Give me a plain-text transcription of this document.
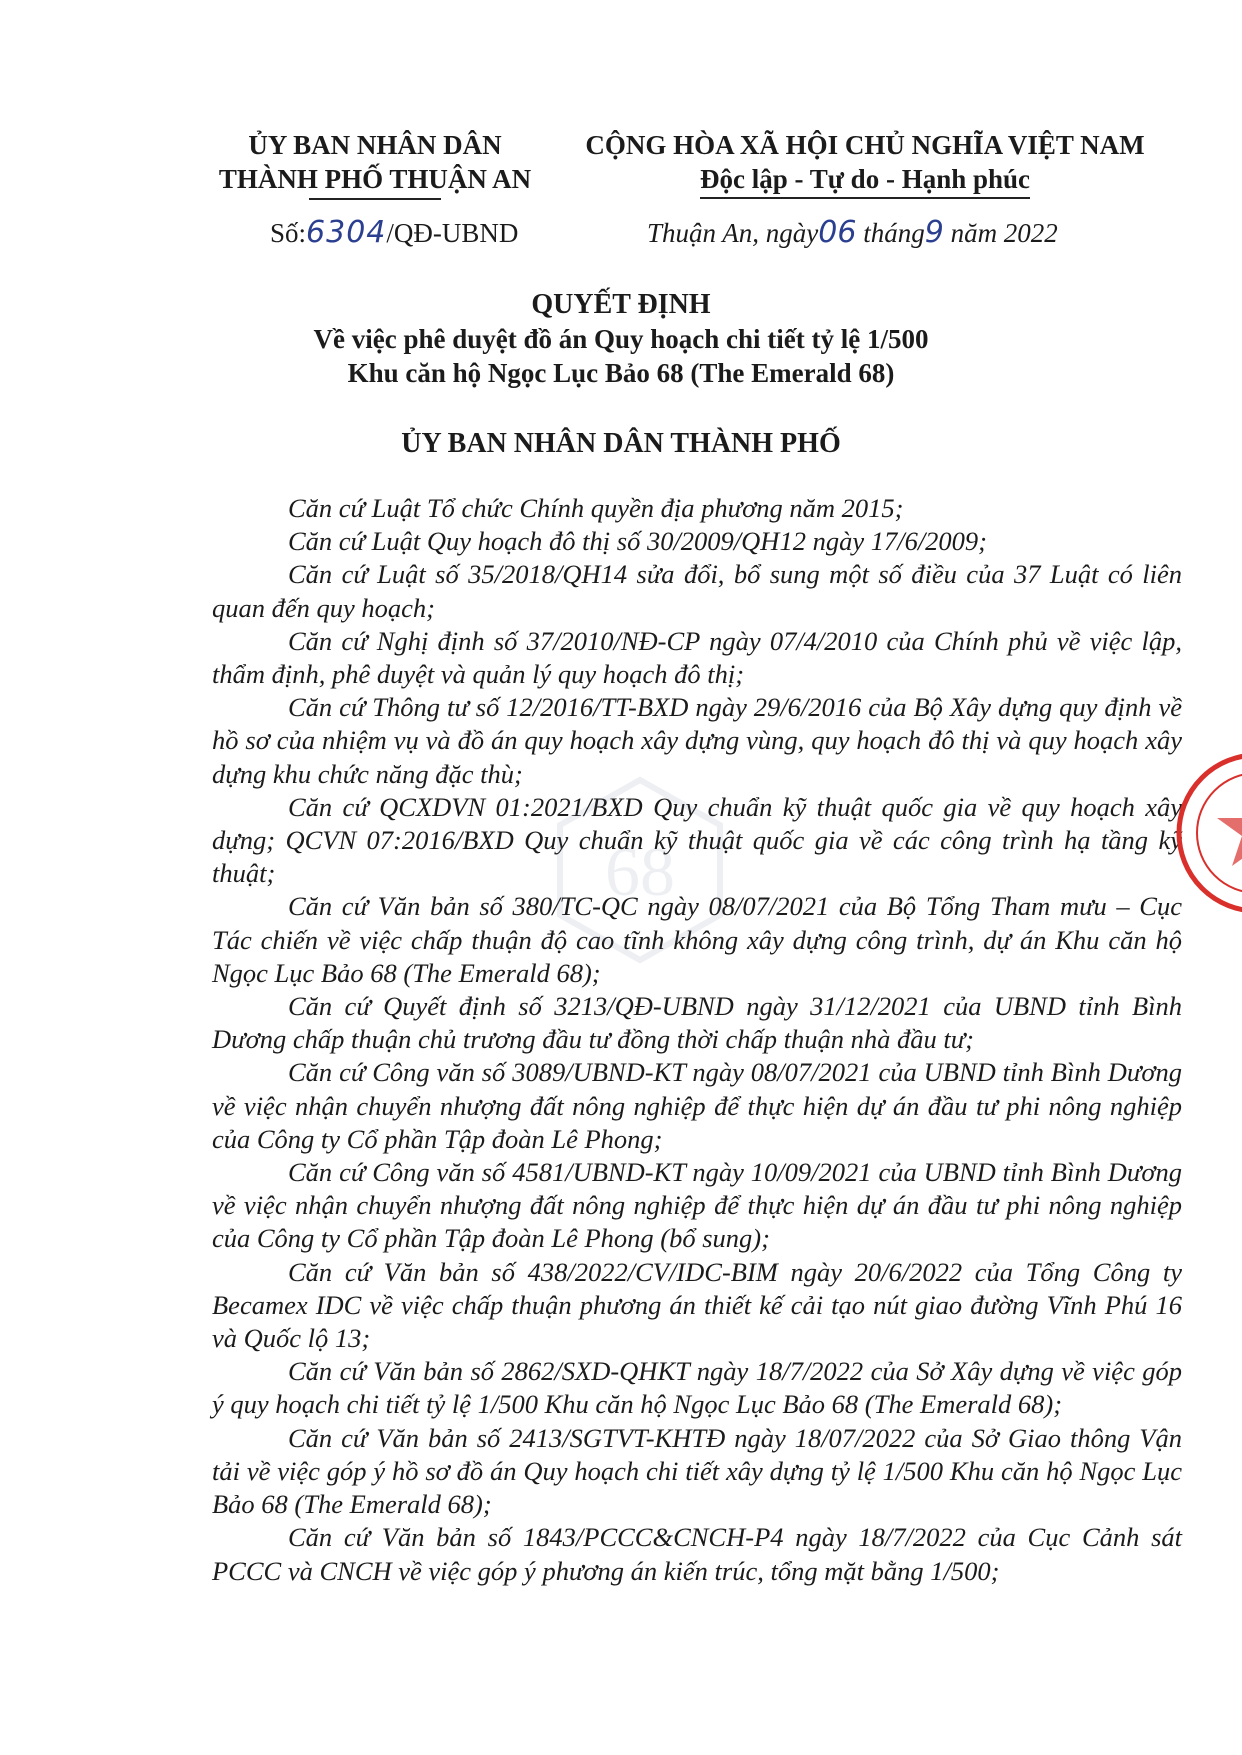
ỦY BAN NHÂN DÂN
THÀNH PHỐ THUẬN AN
CỘNG HÒA XÃ HỘI CHỦ NGHĨA VIỆT NAM
Độc lập - Tự do - Hạnh phúc
Số:6304/QĐ-UBND	Thuận An, ngày06 tháng9 năm 2022
QUYẾT ĐỊNH
Về việc phê duyệt đồ án Quy hoạch chi tiết tỷ lệ 1/500
Khu căn hộ Ngọc Lục Bảo 68 (The Emerald 68)
ỦY BAN NHÂN DÂN THÀNH PHỐ

Căn cứ Luật Tổ chức Chính quyền địa phương năm 2015;

Căn cứ Luật Quy hoạch đô thị số 30/2009/QH12 ngày 17/6/2009;

Căn cứ Luật số 35/2018/QH14 sửa đổi, bổ sung một số điều của 37 Luật có liên quan đến quy hoạch;

Căn cứ Nghị định số 37/2010/NĐ-CP ngày 07/4/2010 của Chính phủ về việc lập, thẩm định, phê duyệt và quản lý quy hoạch đô thị;

Căn cứ Thông tư số 12/2016/TT-BXD ngày 29/6/2016 của Bộ Xây dựng quy định về hồ sơ của nhiệm vụ và đồ án quy hoạch xây dựng vùng, quy hoạch đô thị và quy hoạch xây dựng khu chức năng đặc thù;

Căn cứ QCXDVN 01:2021/BXD Quy chuẩn kỹ thuật quốc gia về quy hoạch xây dựng; QCVN 07:2016/BXD Quy chuẩn kỹ thuật quốc gia về các công trình hạ tầng kỹ thuật;

Căn cứ Văn bản số 380/TC-QC ngày 08/07/2021 của Bộ Tổng Tham mưu – Cục Tác chiến về việc chấp thuận độ cao tĩnh không xây dựng công trình, dự án Khu căn hộ Ngọc Lục Bảo 68 (The Emerald 68);

Căn cứ Quyết định số 3213/QĐ-UBND ngày 31/12/2021 của UBND tỉnh Bình Dương chấp thuận chủ trương đầu tư đồng thời chấp thuận nhà đầu tư;

Căn cứ Công văn số 3089/UBND-KT ngày 08/07/2021 của UBND tỉnh Bình Dương về việc nhận chuyển nhượng đất nông nghiệp để thực hiện dự án đầu tư phi nông nghiệp của Công ty Cổ phần Tập đoàn Lê Phong;

Căn cứ Công văn số 4581/UBND-KT ngày 10/09/2021 của UBND tỉnh Bình Dương về việc nhận chuyển nhượng đất nông nghiệp để thực hiện dự án đầu tư phi nông nghiệp của Công ty Cổ phần Tập đoàn Lê Phong (bổ sung);

Căn cứ Văn bản số 438/2022/CV/IDC-BIM ngày 20/6/2022 của Tổng Công ty Becamex IDC về việc chấp thuận phương án thiết kế cải tạo nút giao đường Vĩnh Phú 16 và Quốc lộ 13;

Căn cứ Văn bản số 2862/SXD-QHKT ngày 18/7/2022 của Sở Xây dựng về việc góp ý quy hoạch chi tiết tỷ lệ 1/500 Khu căn hộ Ngọc Lục Bảo 68 (The Emerald 68);

Căn cứ Văn bản số 2413/SGTVT-KHTĐ ngày 18/07/2022 của Sở Giao thông Vận tải về việc góp ý hồ sơ đồ án Quy hoạch chi tiết xây dựng tỷ lệ 1/500 Khu căn hộ Ngọc Lục Bảo 68 (The Emerald 68);

Căn cứ Văn bản số 1843/PCCC&CNCH-P4 ngày 18/7/2022 của Cục Cảnh sát PCCC và CNCH về việc góp ý phương án kiến trúc, tổng mặt bằng 1/500;

68
